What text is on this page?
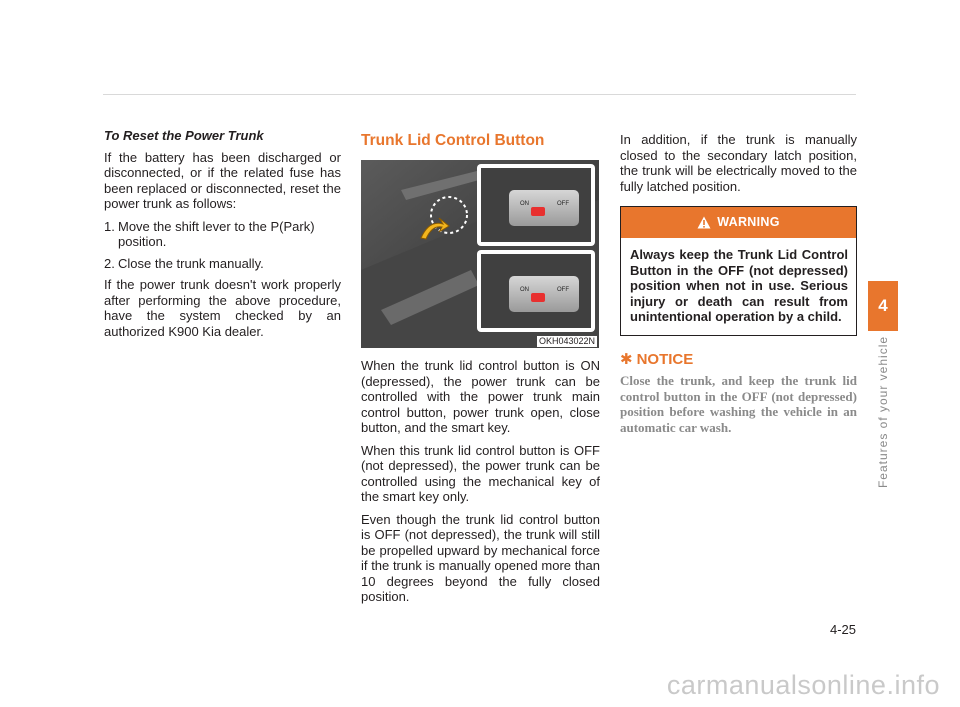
To Reset the Power Trunk

If the battery has been discharged or disconnected, or if the related fuse has been replaced or disconnected, reset the power trunk as follows:

1. Move the shift lever to the P(Park) position.
2. Close the trunk manually.

If the power trunk doesn't work properly after performing the above procedure, have the system checked by an authorized K900 Kia dealer.

Trunk Lid Control Button
ON	OFF
ON	OFF
OKH043022N

When the trunk lid control button is ON (depressed), the power trunk can be controlled with the power trunk main control button, power trunk open, close button, and the smart key.

When this trunk lid control button is OFF (not depressed), the power trunk can be controlled using the mechanical key of the smart key only.

Even though the trunk lid control button is OFF (not depressed), the trunk will still be propelled upward by mechanical force if the trunk is manually opened more than 10 degrees beyond the fully closed position.

In addition, if the trunk is manually closed to the secondary latch position, the trunk will be electrically moved to the fully latched position.

WARNING
Always keep the Trunk Lid Control Button in the OFF (not depressed) position when not in use. Serious injury or death can result from unintentional operation by a child.
✱ NOTICE

Close the trunk, and keep the trunk lid control button in the OFF (not depressed) position before washing the vehicle in an automatic car wash.

4
Features of your vehicle
4-25
carmanualsonline.info
